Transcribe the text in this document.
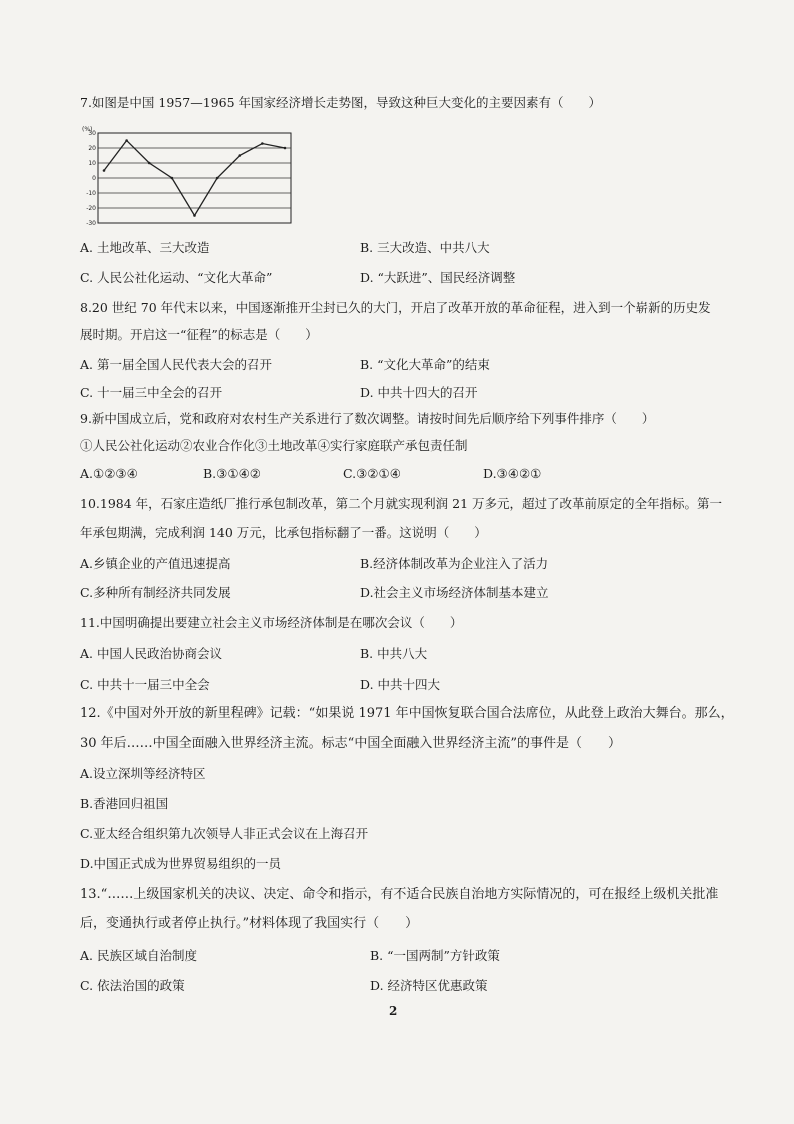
7.如图是中国 1957—1965 年国家经济增长走势图，导致这种巨大变化的主要因素有（　　）
(%)
30
20
10
0
-10
-20
-30
A. 土地改革、三大改造	B. 三大改造、中共八大
C. 人民公社化运动、“文化大革命”	D. “大跃进”、国民经济调整
8.20 世纪 70 年代末以来，中国逐渐推开尘封已久的大门，开启了改革开放的革命征程，进入到一个崭新的历史发
展时期。开启这一“征程”的标志是（　　）
A. 第一届全国人民代表大会的召开	B. “文化大革命”的结束
C. 十一届三中全会的召开	D. 中共十四大的召开
9.新中国成立后，党和政府对农村生产关系进行了数次调整。请按时间先后顺序给下列事件排序（　　）
①人民公社化运动②农业合作化③土地改革④实行家庭联产承包责任制
A.①②③④	B.③①④②	C.③②①④	D.③④②①
10.1984 年，石家庄造纸厂推行承包制改革，第二个月就实现利润 21 万多元，超过了改革前原定的全年指标。第一
年承包期满，完成利润 140 万元，比承包指标翻了一番。这说明（　　）
A.乡镇企业的产值迅速提高	B.经济体制改革为企业注入了活力
C.多种所有制经济共同发展	D.社会主义市场经济体制基本建立
11.中国明确提出要建立社会主义市场经济体制是在哪次会议（　　）
A. 中国人民政治协商会议	B. 中共八大
C. 中共十一届三中全会	D. 中共十四大
12.《中国对外开放的新里程碑》记载：“如果说 1971 年中国恢复联合国合法席位，从此登上政治大舞台。那么，
30 年后……中国全面融入世界经济主流。标志“中国全面融入世界经济主流”的事件是（　　）
A.设立深圳等经济特区
B.香港回归祖国
C.亚太经合组织第九次领导人非正式会议在上海召开
D.中国正式成为世界贸易组织的一员
13.“……上级国家机关的决议、决定、命令和指示，有不适合民族自治地方实际情况的，可在报经上级机关批准
后，变通执行或者停止执行。”材料体现了我国实行（　　）
A. 民族区域自治制度	B. “一国两制”方针政策
C. 依法治国的政策	D. 经济特区优惠政策
2
